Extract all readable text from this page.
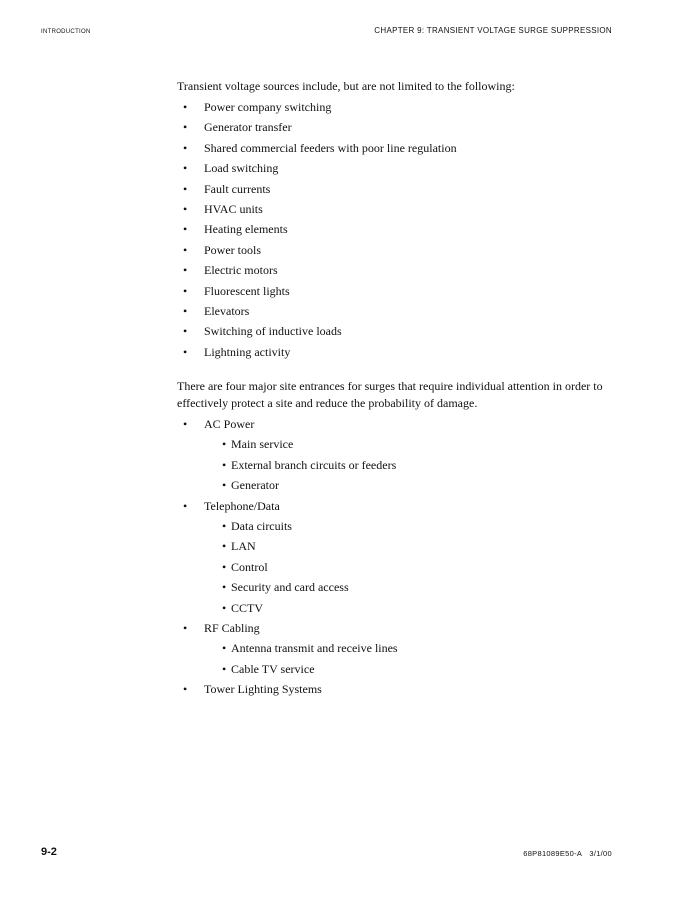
introduction	CHAPTER 9: TRANSIENT VOLTAGE SURGE SUPPRESSION

Transient voltage sources include, but are not limited to the following:

• Power company switching
• Generator transfer
• Shared commercial feeders with poor line regulation
• Load switching
• Fault currents
• HVAC units
• Heating elements
• Power tools
• Electric motors
• Fluorescent lights
• Elevators
• Switching of inductive loads
• Lightning activity

There are four major site entrances for surges that require individual attention in order to effectively protect a site and reduce the probability of damage.

• AC Power
• Main service
• External branch circuits or feeders
• Generator
• Telephone/Data
• Data circuits
• LAN
• Control
• Security and card access
• CCTV
• RF Cabling
• Antenna transmit and receive lines
• Cable TV service
• Tower Lighting Systems
9-2	68P81089E50-A 3/1/00
